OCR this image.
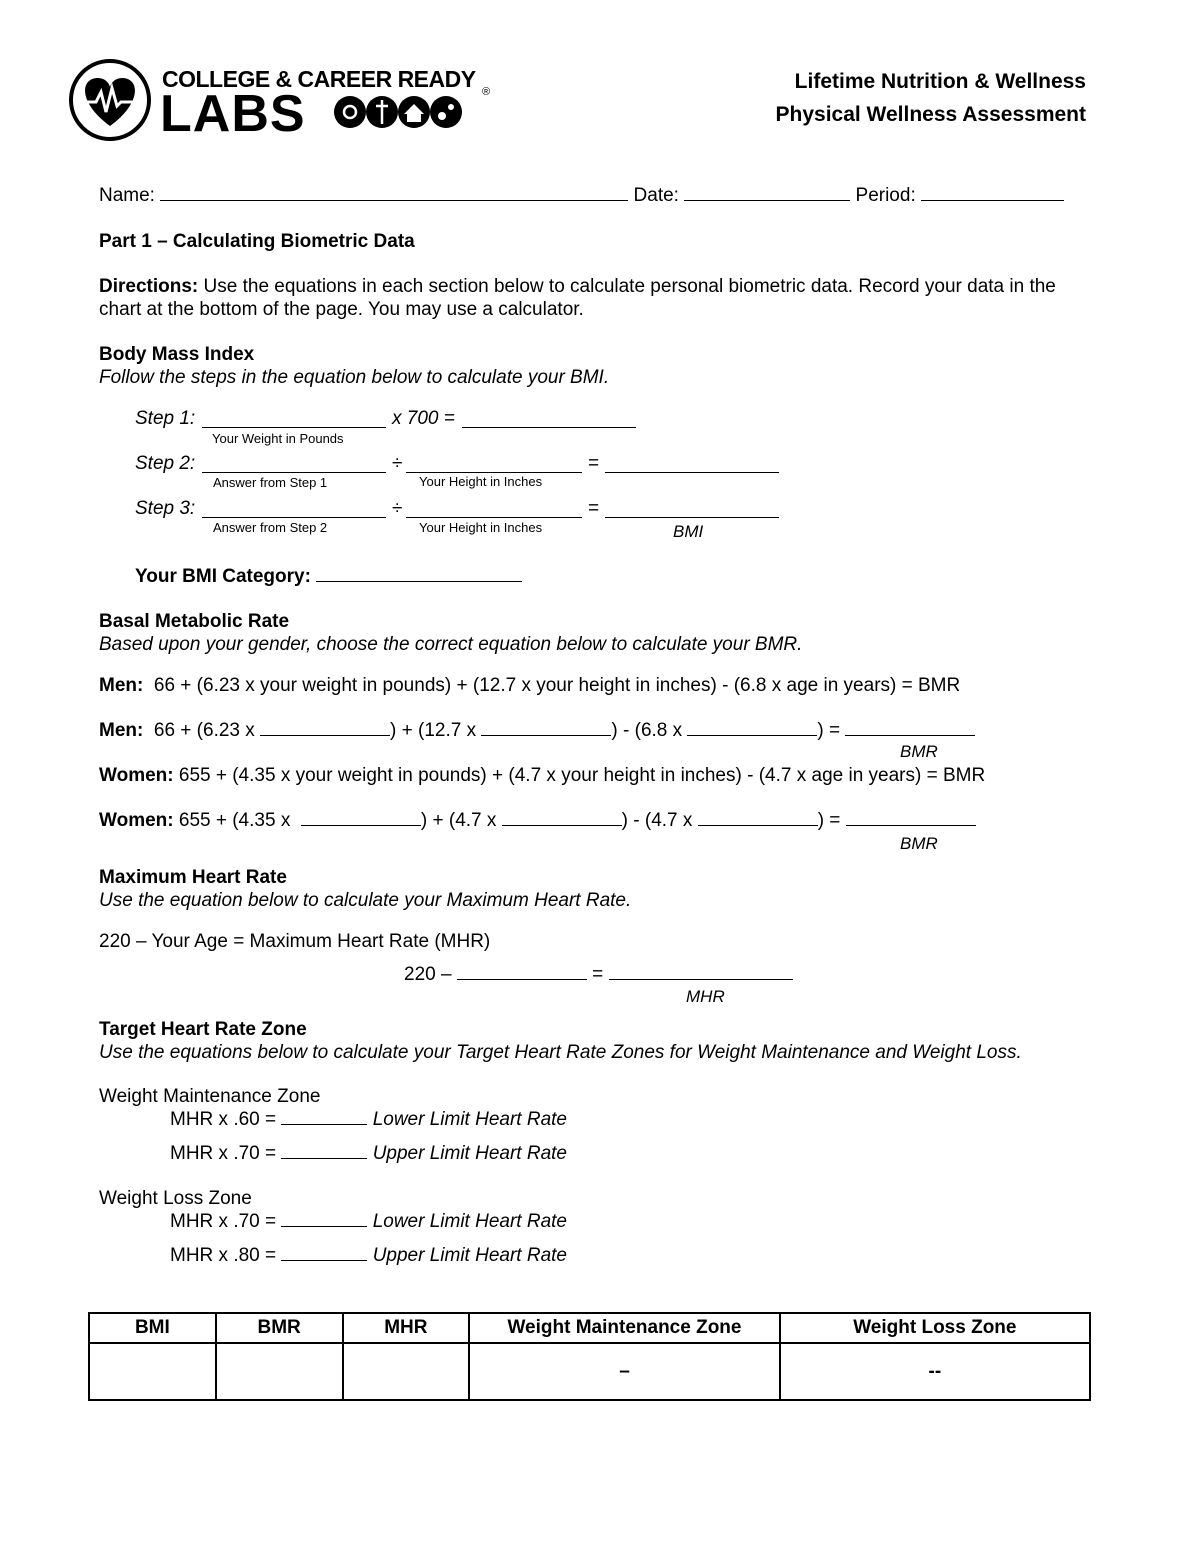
COLLEGE & CAREER READY
LABS	®	Lifetime Nutrition & Wellness
Physical Wellness Assessment
Name:	Date:	Period:
Part 1 – Calculating Biometric Data
Directions: Use the equations in each section below to calculate personal biometric data. Record your data in the
chart at the bottom of the page. You may use a calculator.
Body Mass Index
Follow the steps in the equation below to calculate your BMI.
Step 1:	x 700 =
Your Weight in Pounds
Step 2:	÷	=
Answer from Step 1	Your Height in Inches
Step 3:	÷	=
Answer from Step 2	Your Height in Inches	BMI
Your BMI Category:
Basal Metabolic Rate
Based upon your gender, choose the correct equation below to calculate your BMR.
Men: 66 + (6.23 x your weight in pounds) + (12.7 x your height in inches) - (6.8 x age in years) = BMR
Men: 66 + (6.23 x	) + (12.7 x	) - (6.8 x	) =
BMR
Women: 655 + (4.35 x your weight in pounds) + (4.7 x your height in inches) - (4.7 x age in years) = BMR
Women: 655 + (4.35 x	) + (4.7 x	) - (4.7 x	) =
BMR
Maximum Heart Rate
Use the equation below to calculate your Maximum Heart Rate.
220 – Your Age = Maximum Heart Rate (MHR)
220 –	=
MHR
Target Heart Rate Zone
Use the equations below to calculate your Target Heart Rate Zones for Weight Maintenance and Weight Loss.
Weight Maintenance Zone
MHR x .60 =	Lower Limit Heart Rate
MHR x .70 =	Upper Limit Heart Rate
Weight Loss Zone
MHR x .70 =	Lower Limit Heart Rate
MHR x .80 =	Upper Limit Heart Rate
BMI	BMR	MHR	Weight Maintenance Zone	Weight Loss Zone
			–	--
